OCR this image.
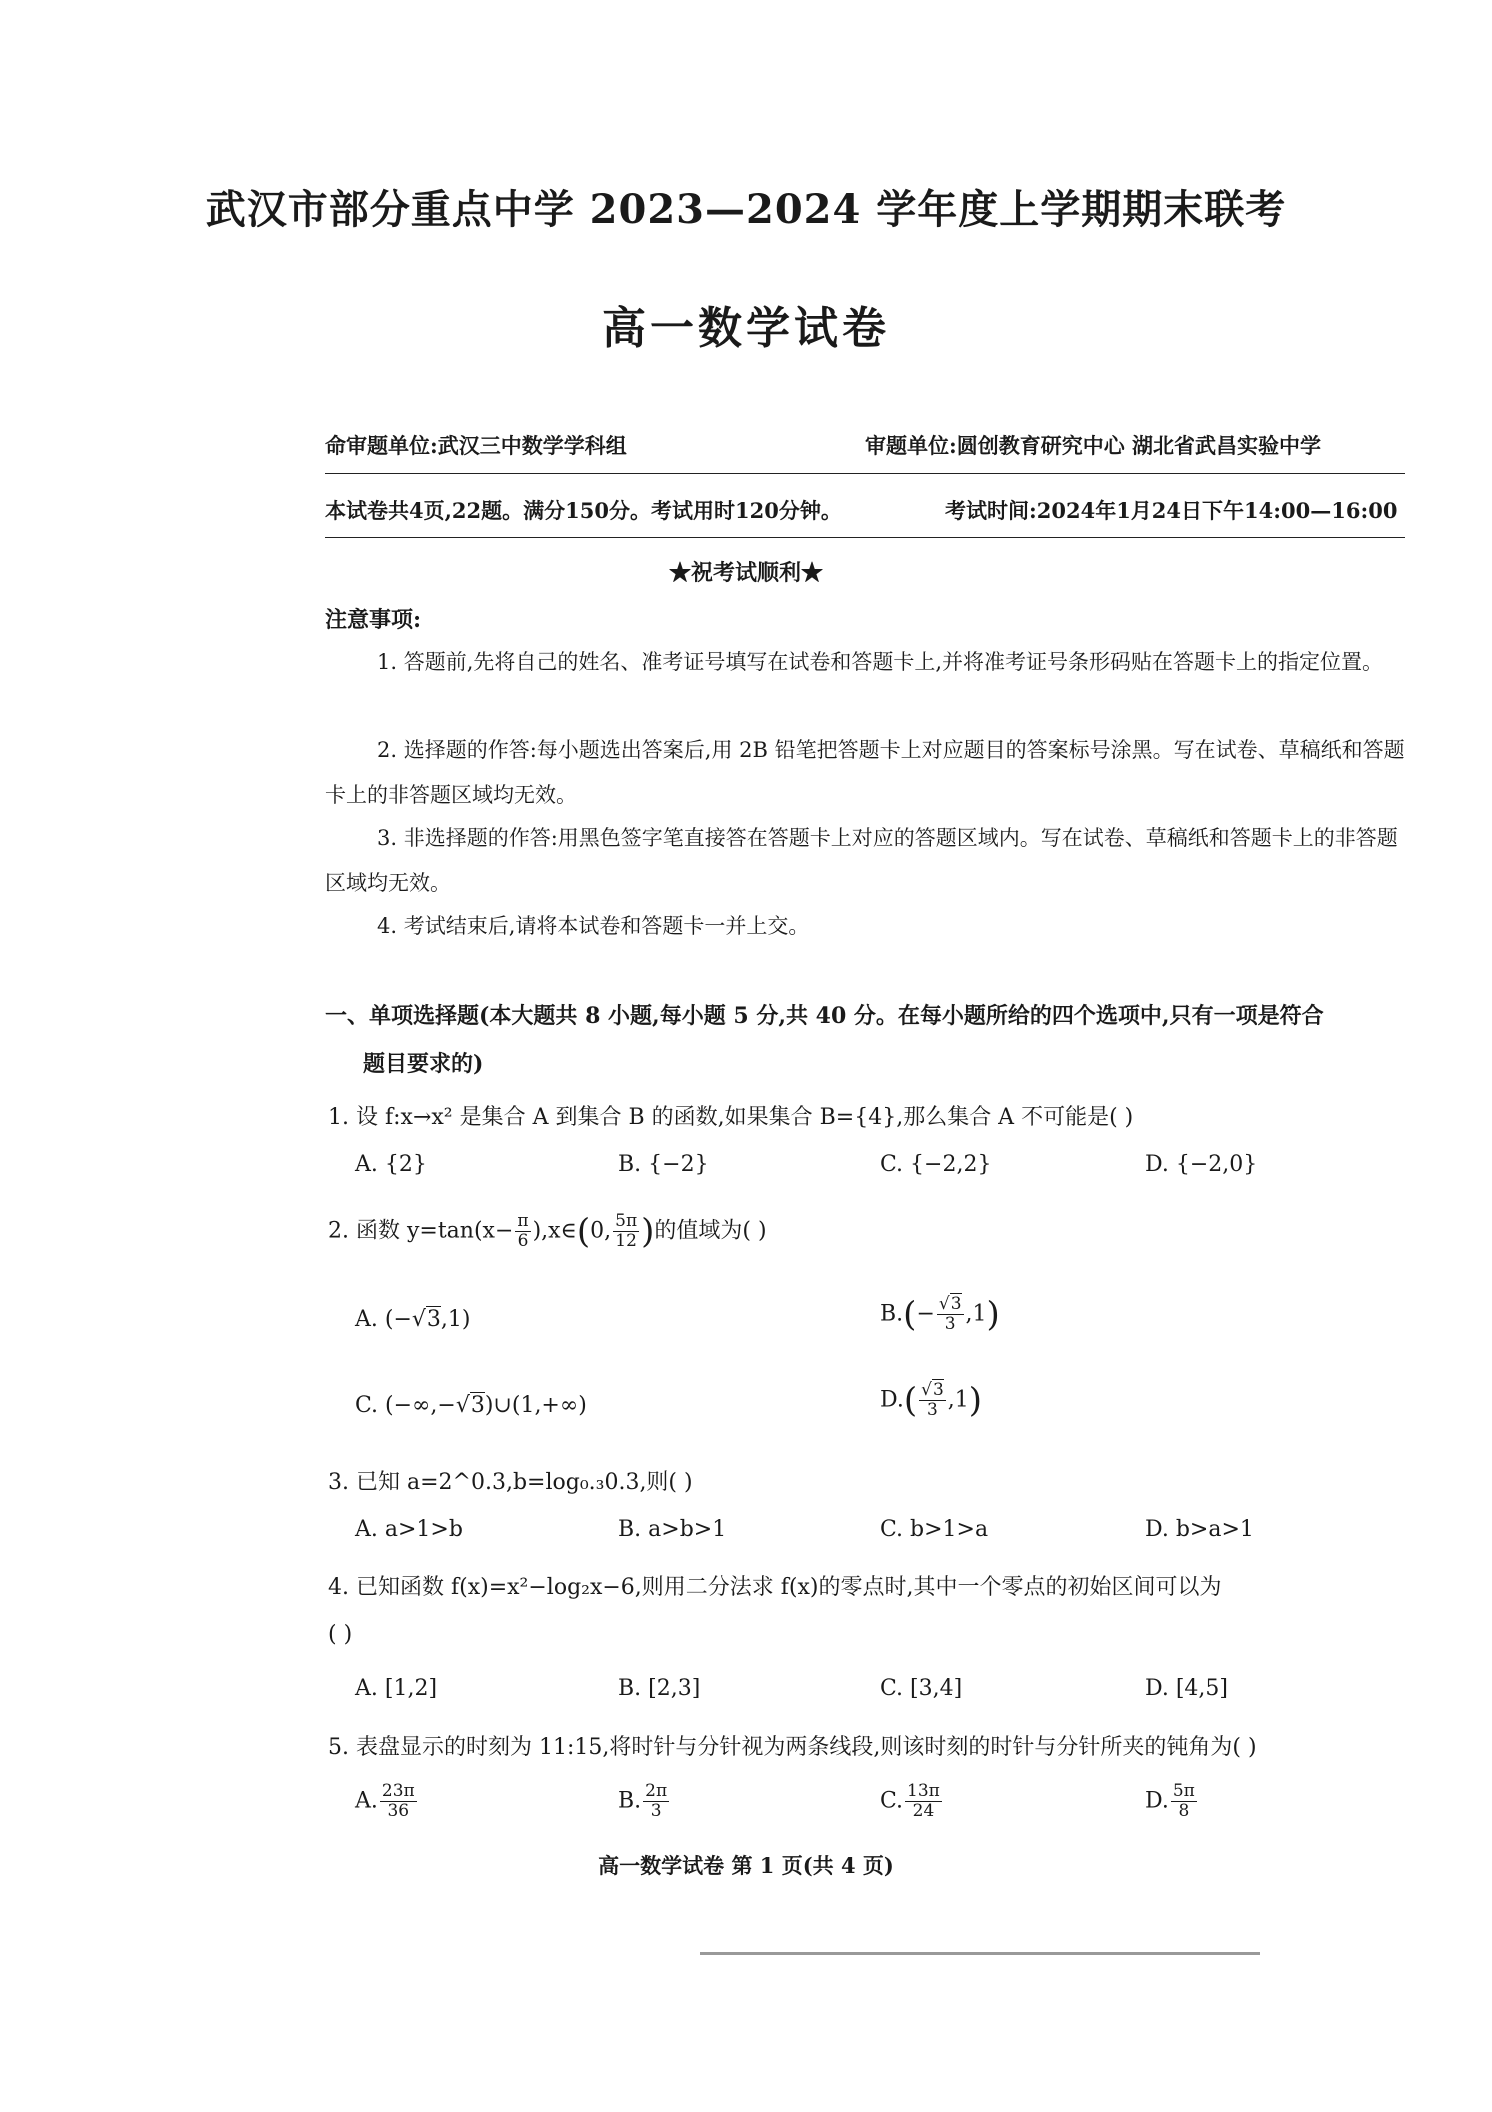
武汉市部分重点中学 2023—2024 学年度上学期期末联考
高一数学试卷
命审题单位:武汉三中数学学科组	审题单位:圆创教育研究中心 湖北省武昌实验中学
本试卷共4页,22题。满分150分。考试用时120分钟。	考试时间:2024年1月24日下午14:00—16:00
★祝考试顺利★
注意事项:
1. 答题前,先将自己的姓名、准考证号填写在试卷和答题卡上,并将准考证号条形码贴在答题卡上的指定位置。
2. 选择题的作答:每小题选出答案后,用 2B 铅笔把答题卡上对应题目的答案标号涂黑。写在试卷、草稿纸和答题卡上的非答题区域均无效。
3. 非选择题的作答:用黑色签字笔直接答在答题卡上对应的答题区域内。写在试卷、草稿纸和答题卡上的非答题区域均无效。
4. 考试结束后,请将本试卷和答题卡一并上交。
一、单项选择题(本大题共 8 小题,每小题 5 分,共 40 分。在每小题所给的四个选项中,只有一项是符合
题目要求的)
1. 设 f:x→x² 是集合 A 到集合 B 的函数,如果集合 B={4},那么集合 A 不可能是( )
A. {2}	B. {−2}	C. {−2,2}	D. {−2,0}
2. 函数 $y=\tan(x- \frac{\pi}{6}$ ),x∈(0, $\frac{5\pi}{12}$ )的值域为( )
A. (−√3,1)	$B.(- \frac{√3}{3} ,1)$
C. (−∞,−√3)∪(1,+∞)	$D.( \frac{√3}{3} ,1)$
3. 已知 a=2^0.3,b=log₀.₃0.3,则( )
A. a>1>b	B. a>b>1	C. b>1>a	D. b>a>1
4. 已知函数 f(x)=x²−log₂x−6,则用二分法求 f(x)的零点时,其中一个零点的初始区间可以为
( )
A. [1,2]	B. [2,3]	C. [3,4]	D. [4,5]
5. 表盘显示的时刻为 11:15,将时针与分针视为两条线段,则该时刻的时针与分针所夹的钝角为( )
A. $\frac{23\pi}{36}$	B. $\frac{2\pi}{3}$	C. $\frac{13\pi}{24}$	D. $\frac{5\pi}{8}$
高一数学试卷 第 1 页(共 4 页)
